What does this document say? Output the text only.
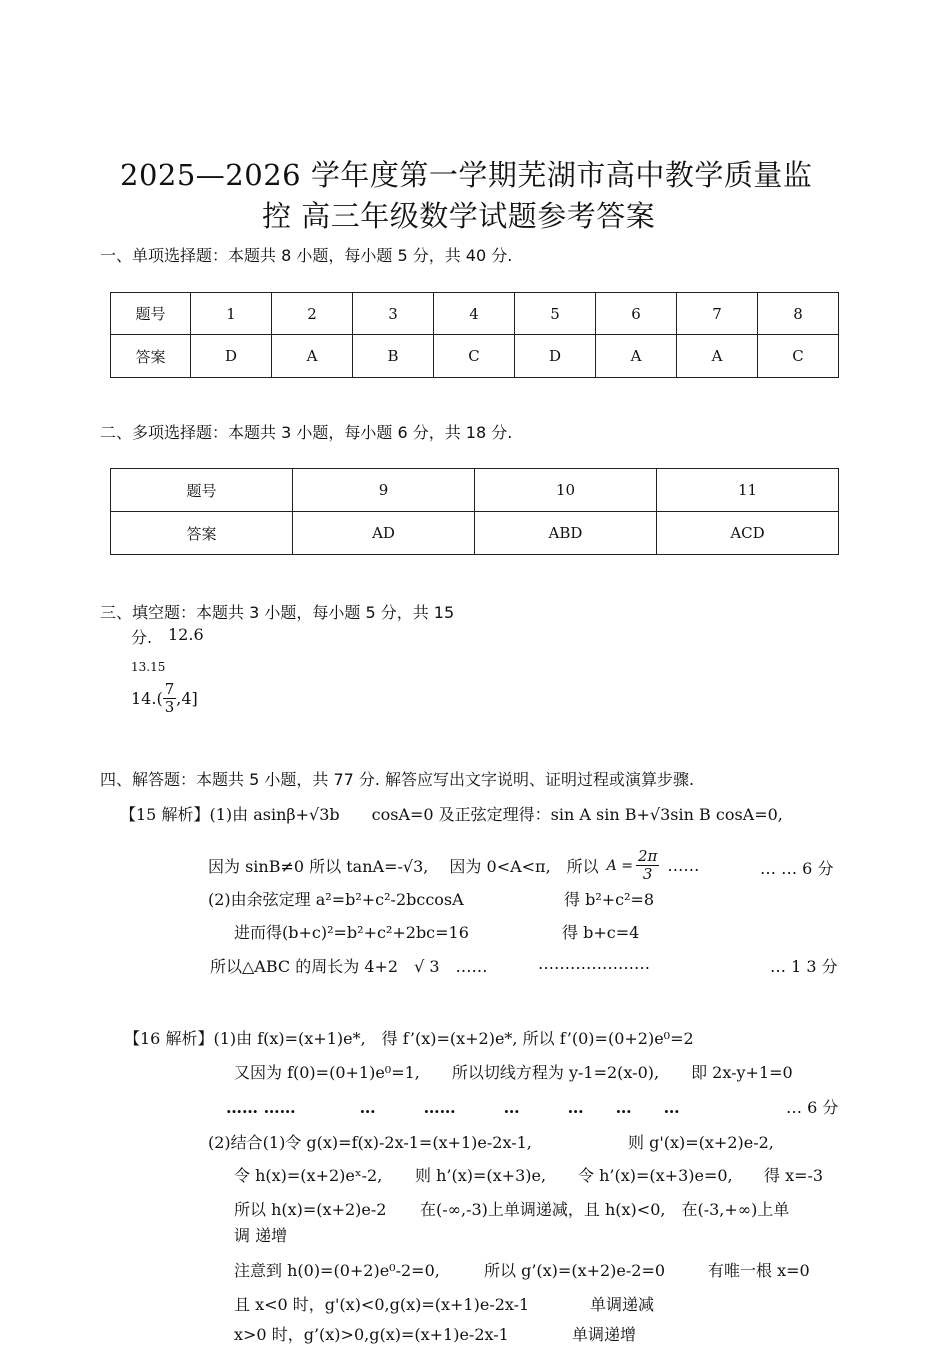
2025—2026 学年度第一学期芜湖市高中教学质量监
控 高三年级数学试题参考答案
一、单项选择题：本题共 8 小题，每小题 5 分，共 40 分.
题号	1	2	3	4	5	6	7	8
答案	D	A	B	C	D	A	A	C
二、多项选择题：本题共 3 小题，每小题 6 分，共 18 分.
题号	9	10	11
答案	AD	ABD	ACD
三、填空题：本题共 3 小题，每小题 5 分，共 15
分. 12.6
13.15
$14.( \frac{7}{3} ,4]$
四、解答题：本题共 5 小题，共 77 分. 解答应写出文字说明、证明过程或演算步骤.
【15 解析】(1)由 asinβ+√3b　　cosA=0 及正弦定理得：sin A sin B+√3sin B cosA=0,
因为 sinB≠0 所以 tanA=-√3,　 因为 0<A<π,　所以 $A = \frac{2\pi}{3}$ ……	… … 6 分
(2)由余弦定理 a²=b²+c²-2bccosA	得 b²+c²=8
进而得(b+c)²=b²+c²+2bc=16	得 b+c=4
所以△ABC 的周长为 4+2　√ 3　……	…………………	… 1 3 分
【16 解析】(1)由 f(x)=(x+1)e*,　得 f’(x)=(x+2)e*, 所以 f’(0)=(0+2)e⁰=2
又因为 f(0)=(0+1)e⁰=1,　　所以切线方程为 y-1=2(x-0),　　即 2x-y+1=0
…… ……　　　　…　　　……　　　…　　　…　　…　　…	… 6 分
(2)结合(1)令 g(x)=f(x)-2x-1=(x+1)e-2x-1,	则 g'(x)=(x+2)e-2,
令 h(x)=(x+2)eˣ-2, 则 h’(x)=(x+3)e, 令 h’(x)=(x+3)e=0, 得 x=-3
所以 h(x)=(x+2)e-2 在(-∞,-3)上单调递减，且 h(x)<0,　在(-3,+∞)上单
调 递增
注意到 h(0)=(0+2)e⁰-2=0,	所以 g’(x)=(x+2)e-2=0	有唯一根 x=0
且 x<0 时，g'(x)<0,g(x)=(x+1)e-2x-1	单调递减
x>0 时，g’(x)>0,g(x)=(x+1)e-2x-1	单调递增
